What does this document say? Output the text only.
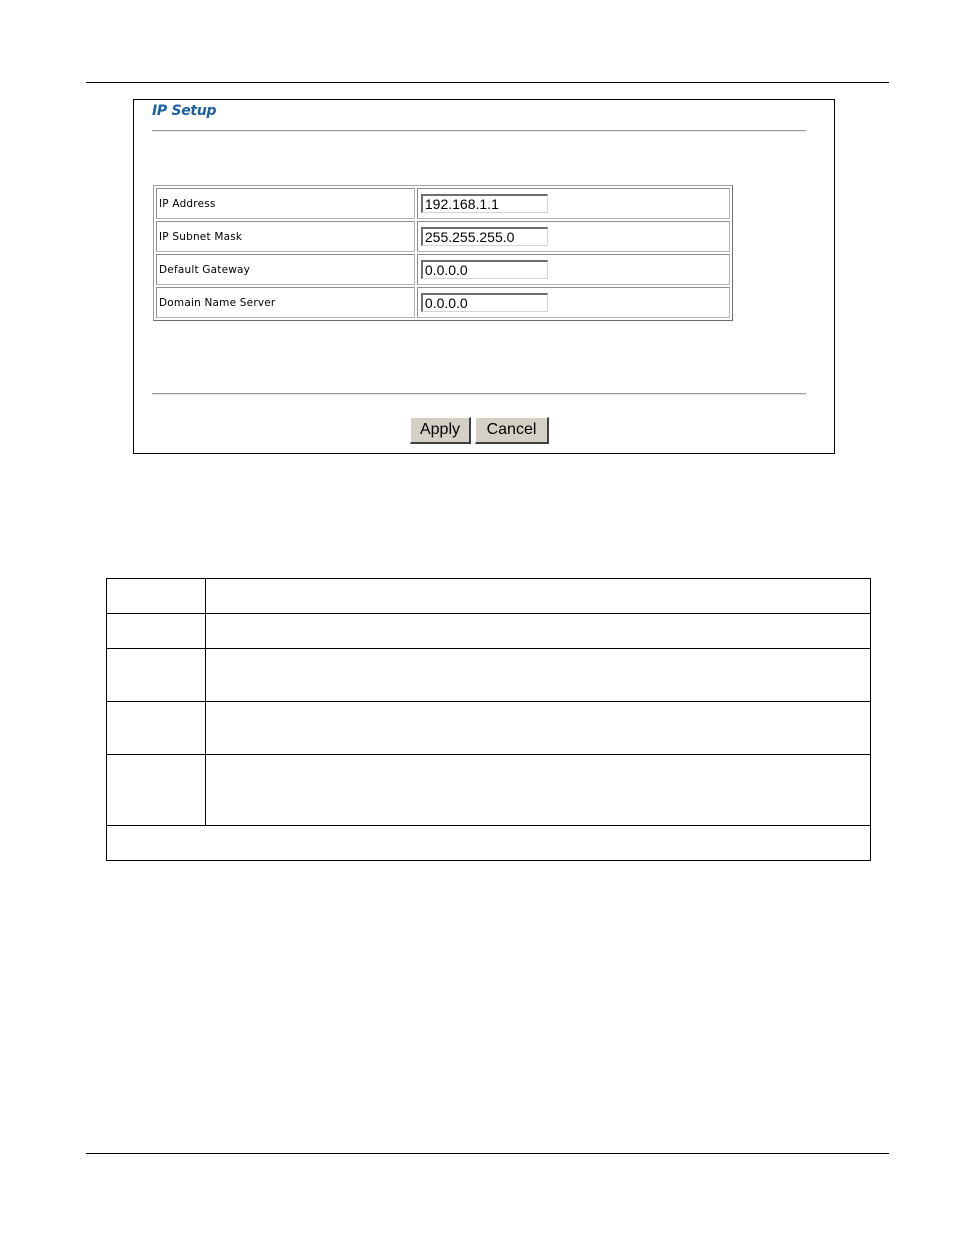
IP Setup
IP Address	
192.168.1.1
IP Subnet Mask	
255.255.255.0
Default Gateway	
0.0.0.0
Domain Name Server	
0.0.0.0
Apply	Cancel
